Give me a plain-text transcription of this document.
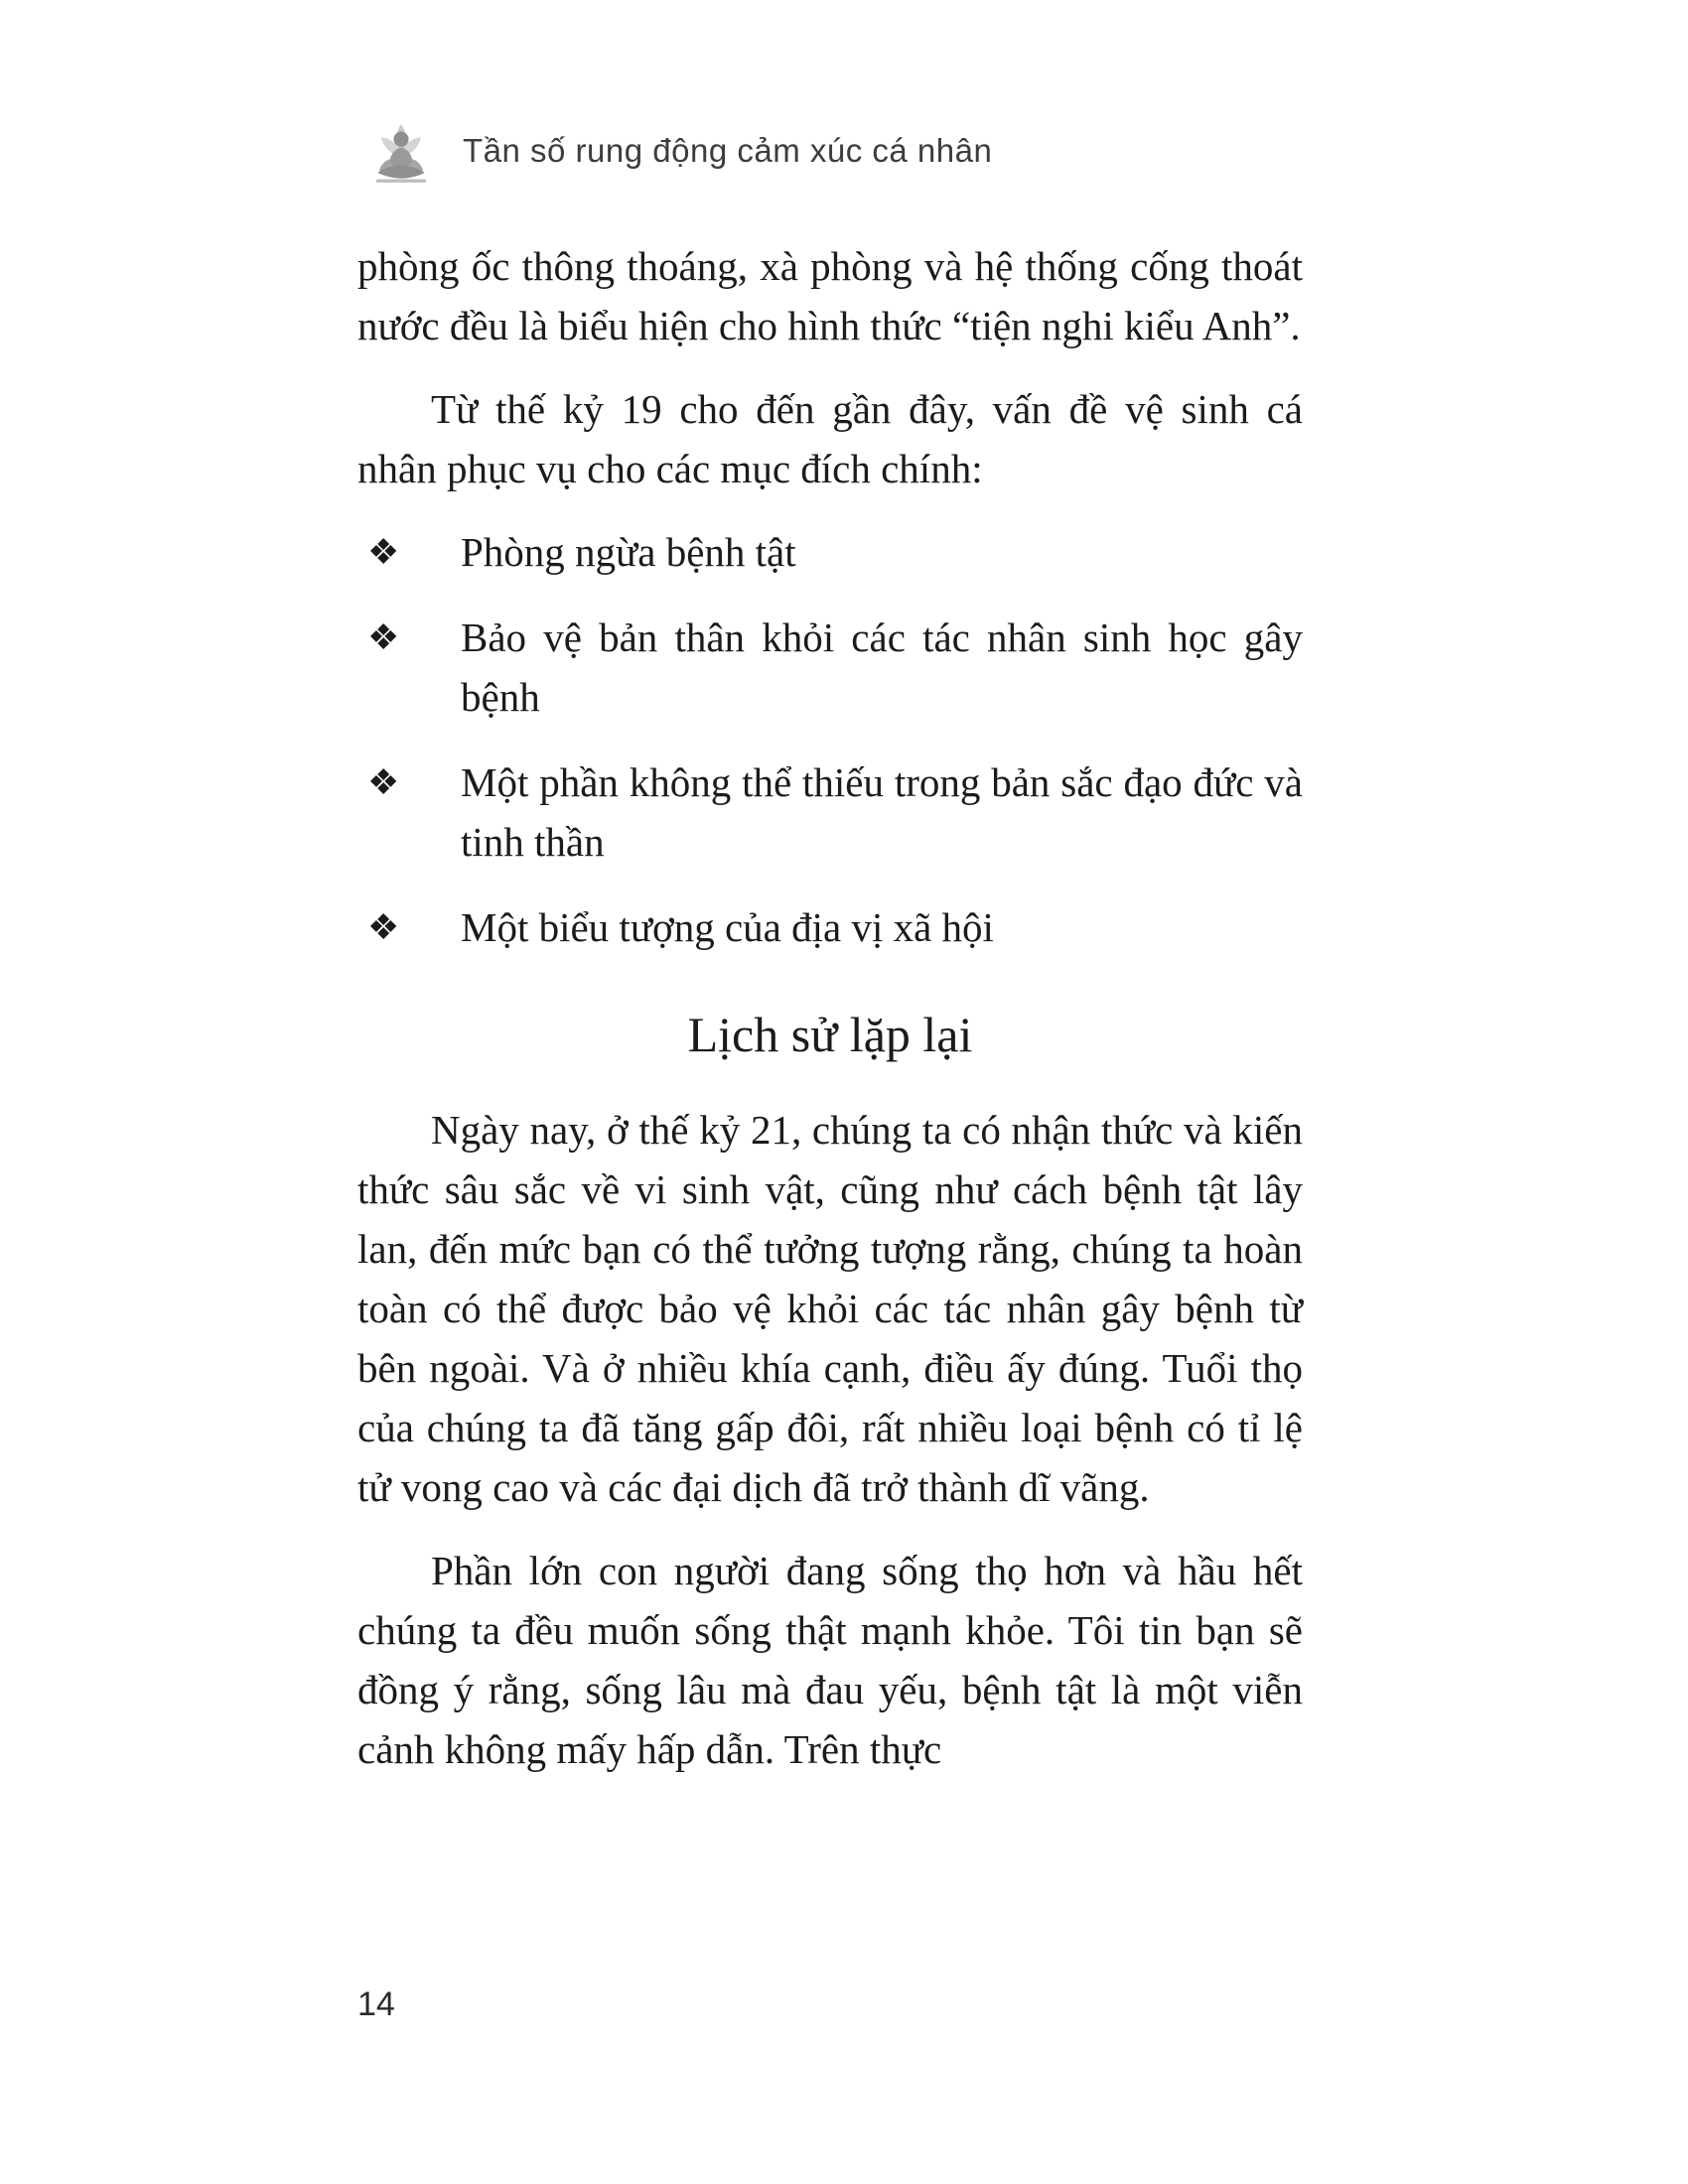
Tần số rung động cảm xúc cá nhân

phòng ốc thông thoáng, xà phòng và hệ thống cống thoát nước đều là biểu hiện cho hình thức “tiện nghi kiểu Anh”.

Từ thế kỷ 19 cho đến gần đây, vấn đề vệ sinh cá nhân phục vụ cho các mục đích chính:

❖ Phòng ngừa bệnh tật
❖ Bảo vệ bản thân khỏi các tác nhân sinh học gây bệnh
❖ Một phần không thể thiếu trong bản sắc đạo đức và tinh thần
❖ Một biểu tượng của địa vị xã hội
Lịch sử lặp lại

Ngày nay, ở thế kỷ 21, chúng ta có nhận thức và kiến thức sâu sắc về vi sinh vật, cũng như cách bệnh tật lây lan, đến mức bạn có thể tưởng tượng rằng, chúng ta hoàn toàn có thể được bảo vệ khỏi các tác nhân gây bệnh từ bên ngoài. Và ở nhiều khía cạnh, điều ấy đúng. Tuổi thọ của chúng ta đã tăng gấp đôi, rất nhiều loại bệnh có tỉ lệ tử vong cao và các đại dịch đã trở thành dĩ vãng.

Phần lớn con người đang sống thọ hơn và hầu hết chúng ta đều muốn sống thật mạnh khỏe. Tôi tin bạn sẽ đồng ý rằng, sống lâu mà đau yếu, bệnh tật là một viễn cảnh không mấy hấp dẫn. Trên thực

14
